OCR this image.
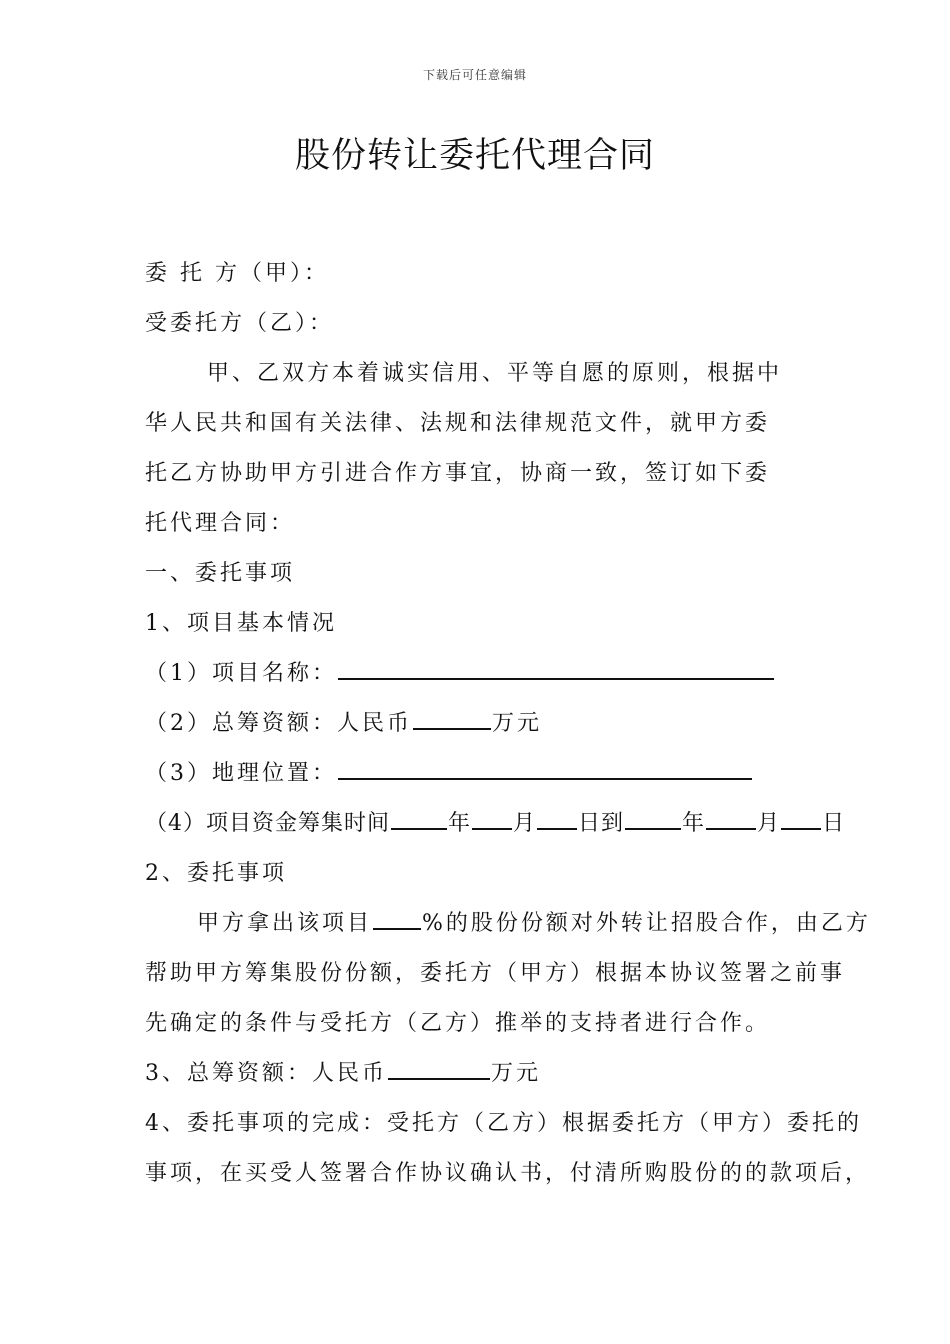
下载后可任意编辑
股份转让委托代理合同
委 托 方（甲）：
受委托方（乙）：
甲、乙双方本着诚实信用、平等自愿的原则，根据中
华人民共和国有关法律、法规和法律规范文件，就甲方委
托乙方协助甲方引进合作方事宜，协商一致，签订如下委
托代理合同：
一、委托事项
1、项目基本情况
（1）项目名称：
（2）总筹资额：人民币	万元
（3）地理位置：
（4）项目资金筹集时间	年 月 日到	年 月 日
2、委托事项
甲方拿出该项目 %的股份份额对外转让招股合作，由乙方
帮助甲方筹集股份份额，委托方（甲方）根据本协议签署之前事
先确定的条件与受托方（乙方）推举的支持者进行合作。
3、总筹资额：人民币	万元
4、委托事项的完成：受托方（乙方）根据委托方（甲方）委托的
事项，在买受人签署合作协议确认书，付清所购股份的的款项后，
